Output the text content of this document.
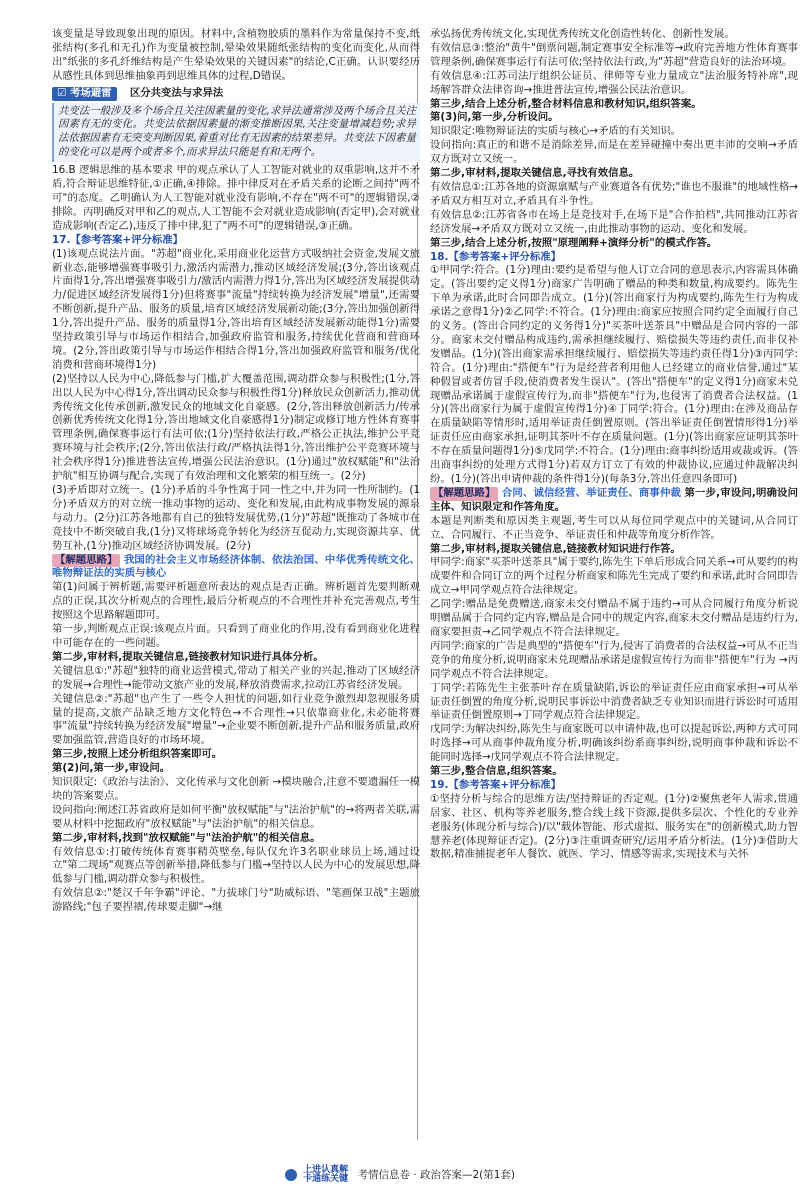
该变量是导致现象出现的原因。材料中,含植物胶质的墨料作为常量保持不变,纸张结构(多孔和无孔)作为变量被控制,晕染效果随纸张结构的变化而变化,从而得出"纸张的多孔纤维结构是产生晕染效果的关键因素"的结论,C正确。认识要经历从感性具体到思维抽象再到思维具体的过程,D错误。

☑ 考场避雷 区分共变法与求异法

共变法一般涉及多个场合且关注因素量的变化,求异法通常涉及两个场合且关注因素有无的变化。共变法依据因素量的渐变推断因果,关注变量增减趋势;求异法依据因素有无突变判断因果,着重对比有无因素的结果差异。共变法下因素量的变化可以是两个或者多个,而求异法只能是有和无两个。

16.B 逻辑思维的基本要求 甲的观点承认了人工智能对就业的双重影响,这并不矛盾,符合辩证思维特征,①正确,④排除。排中律反对在矛盾关系的论断之间持"两不可"的态度。乙明确认为人工智能对就业没有影响,不存在"两不可"的逻辑错误,②排除。丙明确反对甲和乙的观点,人工智能不会对就业造成影响(否定甲),会对就业造成影响(否定乙),违反了排中律,犯了"两不可"的逻辑错误,③正确。

17.【参考答案+评分标准】

(1)该观点说法片面。"苏超"商业化,采用商业化运营方式吸纳社会资金,发展文旅新业态,能够增强赛事吸引力,激活内需潜力,推动区域经济发展;(3分,答出该观点片面得1分,答出增强赛事吸引力/激活内需潜力得1分,答出为区域经济发展提供动力/促进区域经济发展得1分)但将赛事"流量"持续转换为经济发展"增量",还需要不断创新,提升产品、服务的质量,培育区域经济发展新动能;(3分,答出加强创新得1分,答出提升产品、服务的质量得1分,答出培育区域经济发展新动能得1分)需要坚持政策引导与市场运作相结合,加强政府监管和服务,持续优化营商和营商环境。(2分,答出政策引导与市场运作相结合得1分,答出加强政府监管和服务/优化消费和营商环境得1分)

(2)坚持以人民为中心,降低参与门槛,扩大覆盖范围,调动群众参与积极性;(1分,答出以人民为中心得1分,答出调动民众参与积极性得1分)释放民众创新活力,推动优秀传统文化传承创新,激发民众的地域文化自豪感。(2分,答出释放创新活力/传承创新优秀传统文化得1分,答出地域文化自豪感得1分)制定或修订地方性体育赛事管理条例,确保赛事运行有法可依;(1分)坚持依法行政,严格公正执法,维护公平竞赛环境与社会秩序;(2分,答出依法行政/严格执法得1分,答出维护公平竞赛环境与社会秩序得1分)推进普法宣传,增强公民法治意识。(1分)通过"放权赋能"和"法治护航"相互协调与配合,实现了有效治理和文化繁荣的相互统一。(2分)

(3)矛盾即对立统一。(1分)矛盾的斗争性寓于同一性之中,并为同一性所制约。(1分)矛盾双方的对立统一推动事物的运动、变化和发展,由此构成事物发展的源泉与动力。(2分)江苏各地都有自己的独特发展优势,(1分)"苏超"既推动了各城市在竞技中不断突破自我,(1分)又将球场竞争转化为经济互促动力,实现资源共享、优势互补,(1分)推动区域经济协调发展。(2分)

【解题思路】 我国的社会主义市场经济体制、依法治国、中华优秀传统文化、唯物辩证法的实质与核心

第(1)问属于辨析题,需要评析题意所表达的观点是否正确。辨析题首先要判断观点的正误,其次分析观点的合理性,最后分析观点的不合理性并补充完善观点,考生按照这个思路解题即可。

第一步,判断观点正误:该观点片面。只看到了商业化的作用,没有看到商业化进程中可能存在的一些问题。

第二步,审材料,提取关键信息,链接教材知识进行具体分析。

关键信息①:"苏超"独特的商业运营模式,带动了相关产业的兴起,推动了区域经济的发展→合理性→能带动文旅产业的发展,释放消费需求,拉动江苏省经济发展。

关键信息②:"苏超"也产生了一些令人担忧的问题,如行业竞争激烈却忽视服务质量的提高,文旅产品缺乏地方文化特色→不合理性→只依靠商业化,未必能将赛事"流量"持续转换为经济发展"增量"→企业要不断创新,提升产品和服务质量,政府要加强监管,营造良好的市场环境。

第三步,按照上述分析组织答案即可。

第(2)问,第一步,审设问。

知识限定:《政治与法治》、文化传承与文化创新 →模块融合,注意不要遗漏任一模块的答案要点。

设问指向:阐述江苏省政府是如何平衡"放权赋能"与"法治护航"的→将两者关联,需要从材料中挖掘政府"放权赋能"与"法治护航"的相关信息。

第二步,审材料,找到"放权赋能"与"法治护航"的相关信息。

有效信息①:打破传统体育赛事精英壁垒,每队仅允许3名职业球员上场,通过设立"第二现场"观赛点等创新举措,降低参与门槛→坚持以人民为中心的发展思想,降低参与门槛,调动群众参与积极性。

有效信息②:"楚汉千年争霸"评论、"力拔球门兮"助威标语、"笔画保卫战"主题旅游路线;"包子要捏褶,传球要走脚"→继

承弘扬优秀传统文化,实现优秀传统文化创造性转化、创新性发展。

有效信息③:整治"黄牛"倒票问题,制定赛事安全标准等→政府完善地方性体育赛事管理条例,确保赛事运行有法可依;坚持依法行政,为"苏超"营造良好的法治环境。

有效信息④:江苏司法厅组织公证员、律师等专业力量成立"法治服务特补席",现场解答群众法律咨询→推进普法宣传,增强公民法治意识。

第三步,结合上述分析,整合材料信息和教材知识,组织答案。

第(3)问,第一步,分析设问。

知识限定:唯物辩证法的实质与核心→矛盾的有关知识。

设问指向:真正的和谐不是消除差异,而是在差异碰撞中奏出更丰沛的交响→矛盾双方既对立又统一。

第二步,审材料,提取关键信息,寻找有效信息。

有效信息①:江苏各地的资源禀赋与产业赛道各有优势;"谁也不服谁"的地域性格→矛盾双方相互对立,矛盾具有斗争性。

有效信息②:江苏省各市在场上是竞技对手,在场下是"合作拍档",共同推动江苏省经济发展→矛盾双方既对立又统一,由此推动事物的运动、变化和发展。

第三步,结合上述分析,按照"原理阐释+演绎分析"的模式作答。

18.【参考答案+评分标准】

①甲同学:符合。(1分)理由:要约是希望与他人订立合同的意思表示,内容需具体确定。(答出要约定义得1分)商家广告明确了赠品的种类和数量,构成要约。陈先生下单为承诺,此时合同即告成立。(1分)(答出商家行为构成要约,陈先生行为构成承诺之意得1分)②乙同学:不符合。(1分)理由:商家应按照合同约定全面履行自己的义务。(答出合同约定的义务得1分)"买茶叶送茶具"中赠品是合同内容的一部分。商家未交付赠品构成违约,需承担继续履行、赔偿损失等违约责任,而非仅补发赠品。(1分)(答出商家需承担继续履行、赔偿损失等违约责任得1分)③丙同学:符合。(1分)理由:"搭便车"行为是经营者利用他人已经建立的商业信誉,通过"某种假冒或者仿冒手段,使消费者发生误认"。(答出"搭便车"的定义得1分)商家未兑现赠品承诺属于虚假宣传行为,而非"搭便车"行为,也侵害了消费者合法权益。(1分)(答出商家行为属于虚假宣传得1分)④丁同学:符合。(1分)理由:在涉及商品存在质量缺陷等情形时,适用举证责任倒置原则。(答出举证责任倒置情形得1分)举证责任应由商家承担,证明其茶叶不存在质量问题。(1分)(答出商家应证明其茶叶不存在质量问题得1分)⑤戊同学:不符合。(1分)理由:商事纠纷适用或裁或诉。(答出商事纠纷的处理方式得1分)若双方订立了有效的仲裁协议,应通过仲裁解决纠纷。(1分)(答出申请仲裁的条件得1分)(每条3分,答出任意四条即可)

【解题思路】 合同、诚信经营、举证责任、商事仲裁 第一步,审设问,明确设问主体、知识限定和作答角度。

本题是判断类和原因类主观题,考生可以从每位同学观点中的关键词,从合同订立、合同履行、不正当竞争、举证责任和仲裁等角度分析作答。

第二步,审材料,提取关键信息,链接教材知识进行作答。

甲同学:商家"买茶叶送茶具"属于要约,陈先生下单后形成合同关系→可从要约的构成要件和合同订立的两个过程分析商家和陈先生完成了要约和承诺,此时合同即告成立→甲同学观点符合法律规定。

乙同学:赠品是免费赠送,商家未交付赠品不属于违约→可从合同履行角度分析说明赠品属于合同约定内容,赠品是合同中的规定内容,商家未交付赠品是违约行为,商家要担责→乙同学观点不符合法律规定。

丙同学:商家的广告是典型的"搭便车"行为,侵害了消费者的合法权益→可从不正当竞争的角度分析,说明商家未兑现赠品承诺是虚假宣传行为而非"搭便车"行为 →丙同学观点不符合法律规定。

丁同学:若陈先生主张茶叶存在质量缺陷,诉讼的举证责任应由商家承担→可从举证责任倒置的角度分析,说明民事诉讼中消费者缺乏专业知识而进行诉讼时可适用举证责任倒置原则→丁同学观点符合法律规定。

戊同学:为解决纠纷,陈先生与商家既可以申请仲裁,也可以提起诉讼,两种方式可同时选择→可从商事仲裁角度分析,明确该纠纷系商事纠纷,说明商事仲裁和诉讼不能同时选择→戊同学观点不符合法律规定。

第三步,整合信息,组织答案。

19.【参考答案+评分标准】

①坚持分析与综合的思维方法/坚持辩证的否定观。(1分)②聚焦老年人需求,贯通居家、社区、机构等养老服务,整合线上线下资源,提供多层次、个性化的专业养老服务(体现分析与综合)/以"载体智能、形式虚拟、服务实在"的创新模式,助力智慧养老(体现辩证否定)。(2分)③注重调查研究/运用矛盾分析法。(1分)③借助大数据,精准捕捉老年人餐饮、就医、学习、情感等需求,实现技术与关怀

上进认真解
卡通练关键 考情信息卷 · 政治答案—2(第1套)
